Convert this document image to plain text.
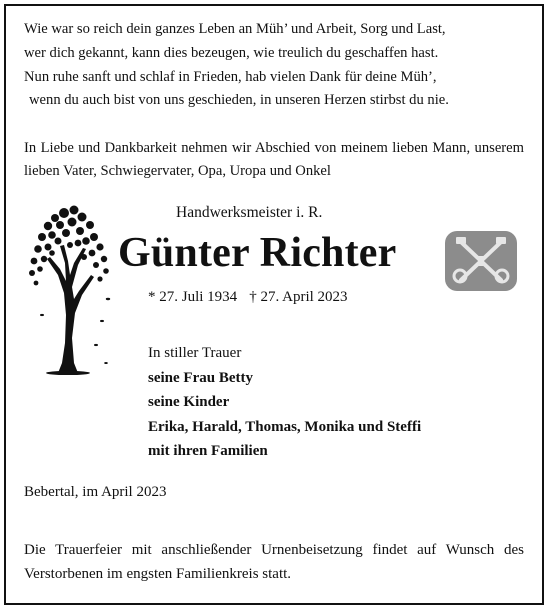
Wie war so reich dein ganzes Leben an Müh’ und Arbeit, Sorg und Last,
wer dich gekannt, kann dies bezeugen, wie treulich du geschaffen hast.
Nun ruhe sanft und schlaf in Frieden, hab vielen Dank für deine Müh’,
wenn du auch bist von uns geschieden, in unseren Herzen stirbst du nie.
In Liebe und Dankbarkeit nehmen wir Abschied von meinem lieben Mann, unserem lieben Vater, Schwiegervater, Opa, Uropa und Onkel
Handwerksmeister i. R.
Günter Richter
* 27. Juli 1934 † 27. April 2023
In stiller Trauer
seine Frau Betty
seine Kinder
Erika, Harald, Thomas, Monika und Steffi
mit ihren Familien
Bebertal, im April 2023
Die Trauerfeier mit anschließender Urnenbeisetzung findet auf Wunsch des Verstorbenen im engsten Familienkreis statt.
